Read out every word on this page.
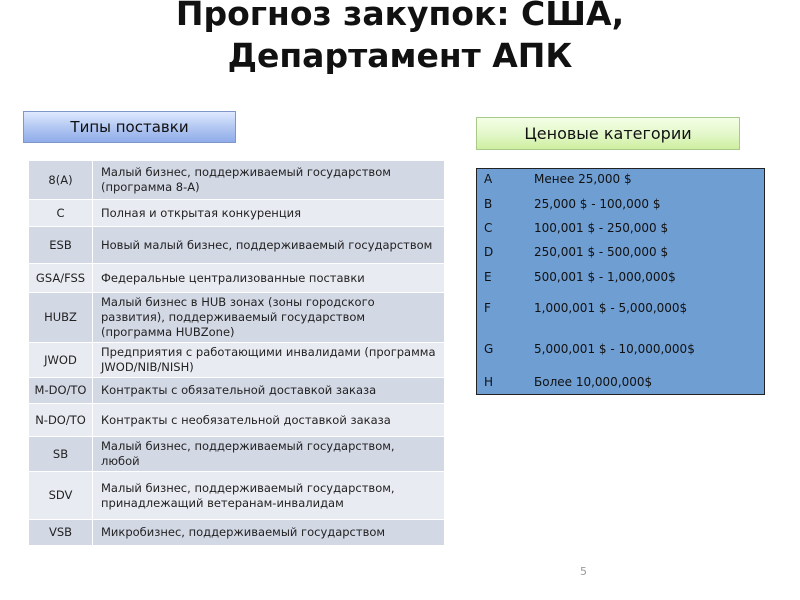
Прогноз закупок: США,
Департамент АПК
Типы поставки	Ценовые категории
8(A)	Малый бизнес, поддерживаемый государством (программа 8-А)
C	Полная и открытая конкуренция
ESB	Новый малый бизнес, поддерживаемый государством
GSA/FSS	Федеральные централизованные поставки
HUBZ	Малый бизнес в HUB зонах (зоны городского развития), поддерживаемый государством (программа HUBZone)
JWOD	Предприятия с работающими инвалидами (программа JWOD/NIB/NISH)
M-DO/TO	Контракты с обязательной доставкой заказа
N-DO/TO	Контракты с необязательной доставкой заказа
SB	Малый бизнес, поддерживаемый государством, любой
SDV	Малый бизнес, поддерживаемый государством, принадлежащий ветеранам-инвалидам
VSB	Микробизнес, поддерживаемый государством
A	Менее 25,000 $
B	25,000 $ - 100,000 $
C	100,001 $ - 250,000 $
D	250,001 $ - 500,000 $
E	500,001 $ - 1,000,000$
F	1,000,001 $ - 5,000,000$
G	5,000,001 $ - 10,000,000$
H	Более 10,000,000$
5
